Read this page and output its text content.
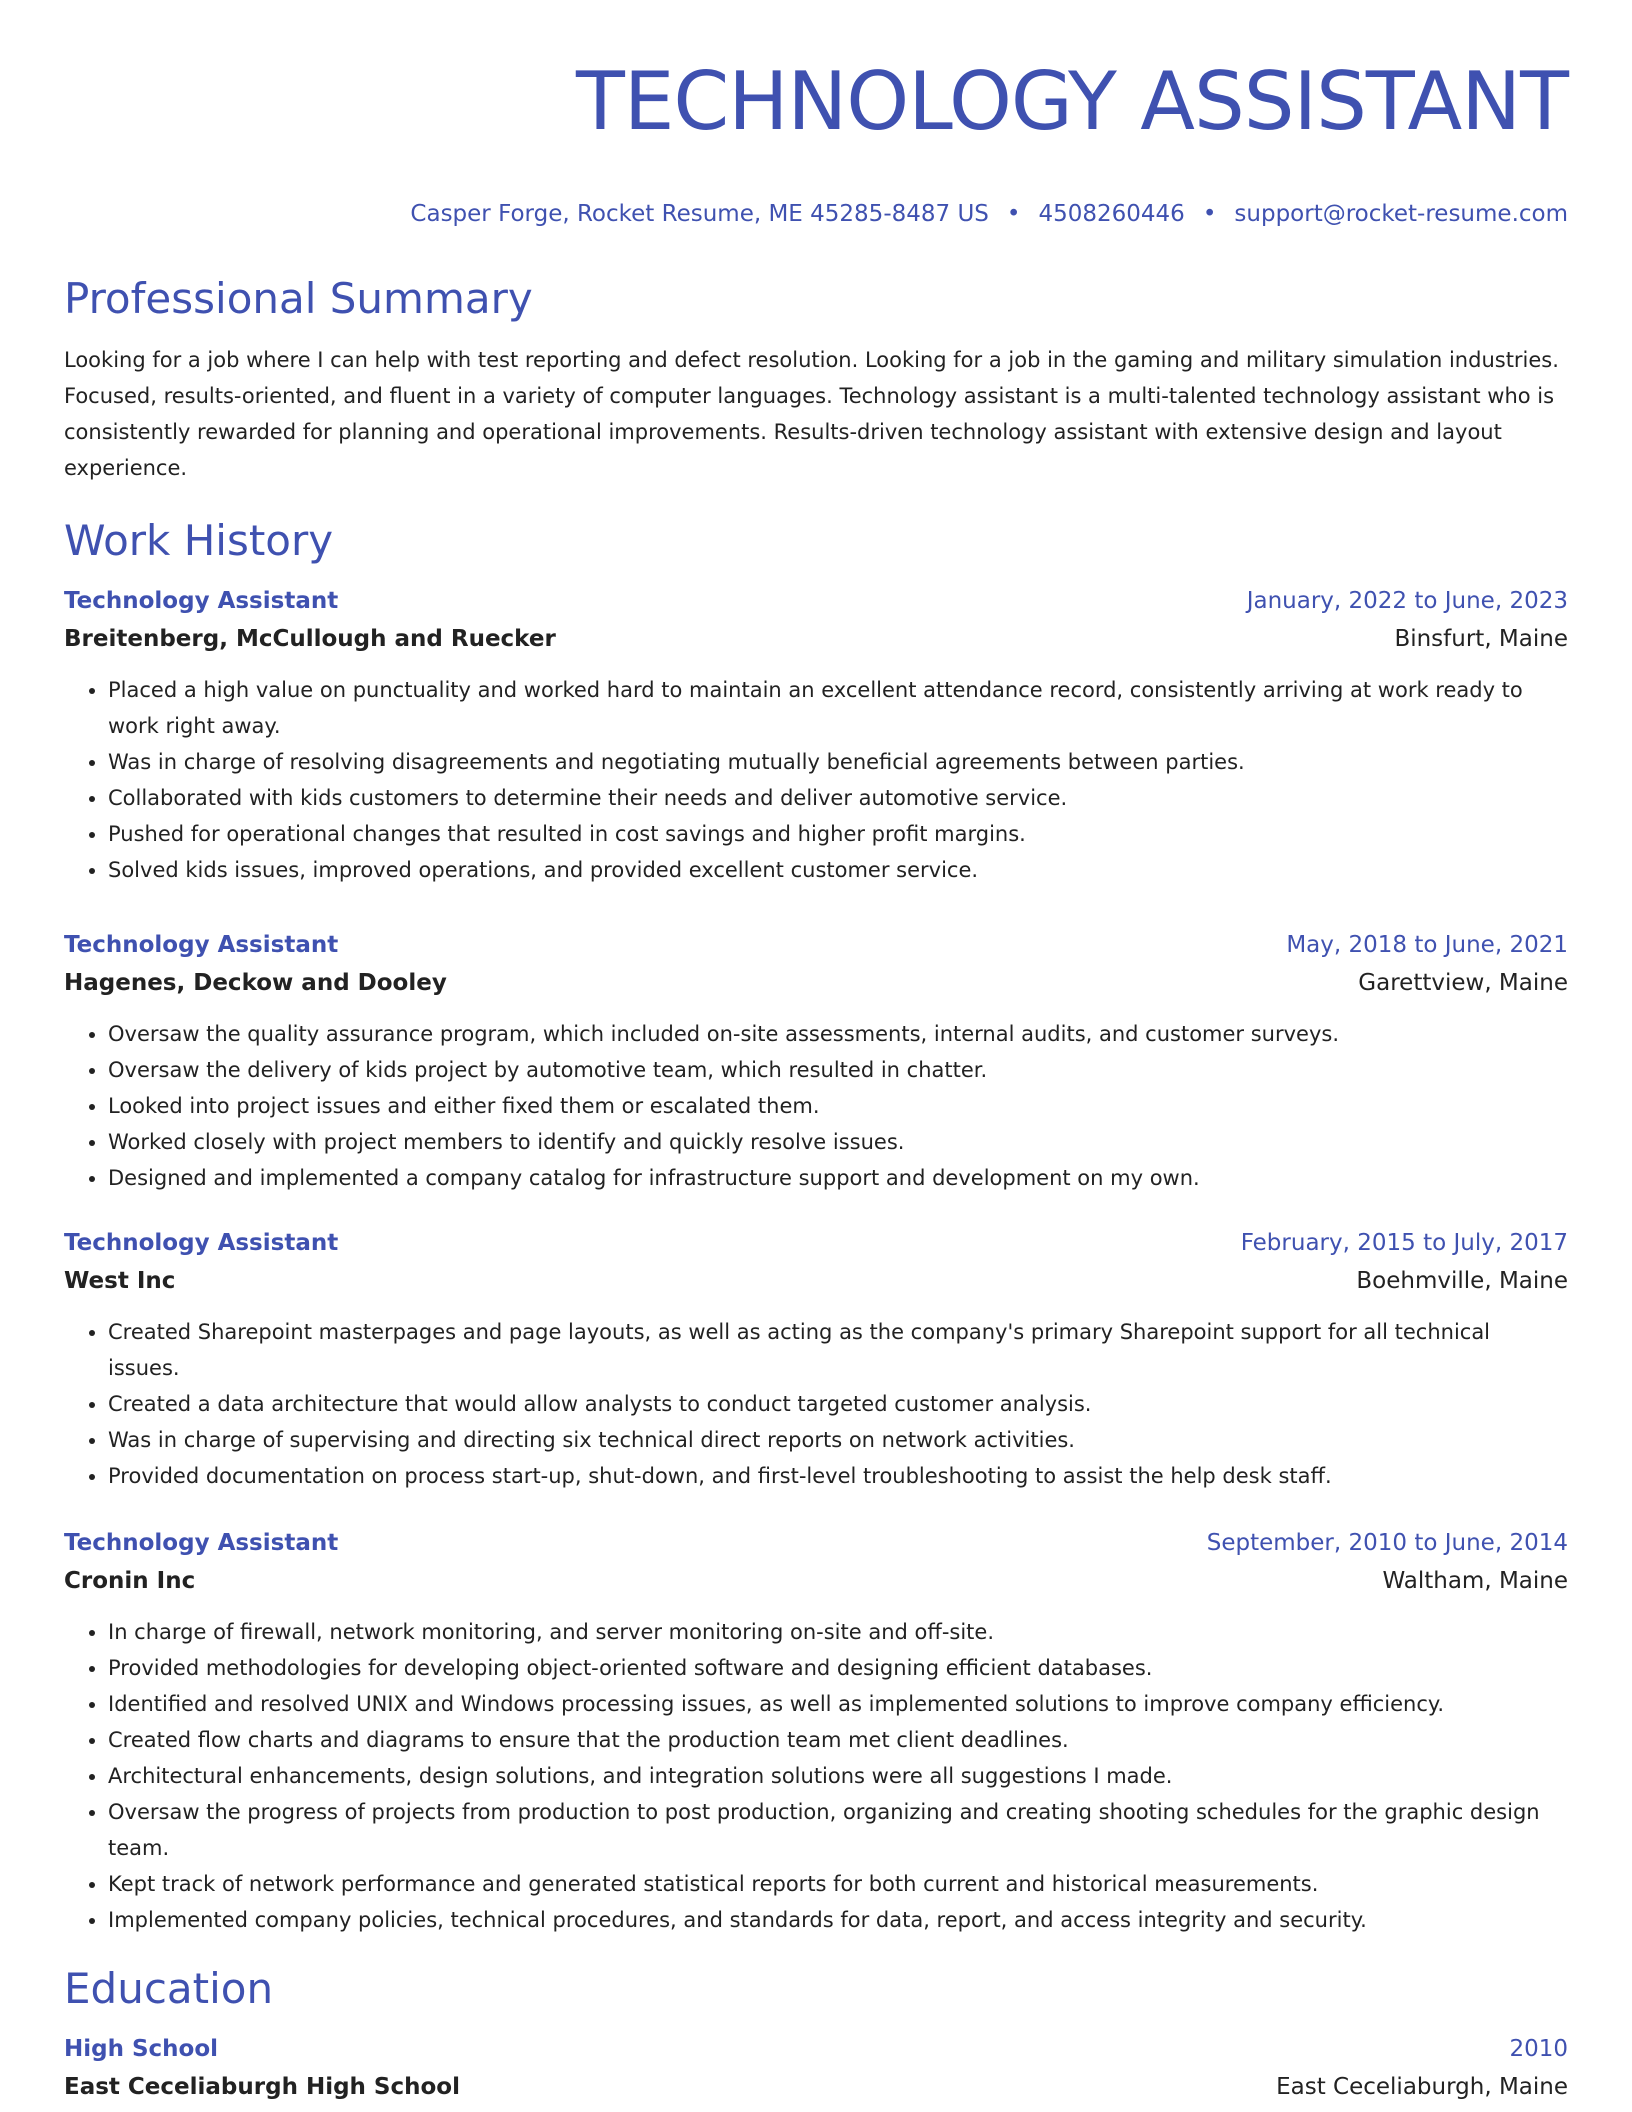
TECHNOLOGY ASSISTANT
Casper Forge, Rocket Resume, ME 45285-8487 US • 4508260446 • support@rocket-resume.com
Professional Summary
Looking for a job where I can help with test reporting and defect resolution. Looking for a job in the gaming and military simulation industries. Focused, results-oriented, and fluent in a variety of computer languages. Technology assistant is a multi-talented technology assistant who is consistently rewarded for planning and operational improvements. Results-driven technology assistant with extensive design and layout experience.
Work History
Technology Assistant	January, 2022 to June, 2023
Breitenberg, McCullough and Ruecker	Binsfurt, Maine
• Placed a high value on punctuality and worked hard to maintain an excellent attendance record, consistently arriving at work ready to work right away.
• Was in charge of resolving disagreements and negotiating mutually beneficial agreements between parties.
• Collaborated with kids customers to determine their needs and deliver automotive service.
• Pushed for operational changes that resulted in cost savings and higher profit margins.
• Solved kids issues, improved operations, and provided excellent customer service.
Technology Assistant	May, 2018 to June, 2021
Hagenes, Deckow and Dooley	Garettview, Maine
• Oversaw the quality assurance program, which included on-site assessments, internal audits, and customer surveys.
• Oversaw the delivery of kids project by automotive team, which resulted in chatter.
• Looked into project issues and either fixed them or escalated them.
• Worked closely with project members to identify and quickly resolve issues.
• Designed and implemented a company catalog for infrastructure support and development on my own.
Technology Assistant	February, 2015 to July, 2017
West Inc	Boehmville, Maine
• Created Sharepoint masterpages and page layouts, as well as acting as the company's primary Sharepoint support for all technical issues.
• Created a data architecture that would allow analysts to conduct targeted customer analysis.
• Was in charge of supervising and directing six technical direct reports on network activities.
• Provided documentation on process start-up, shut-down, and first-level troubleshooting to assist the help desk staff.
Technology Assistant	September, 2010 to June, 2014
Cronin Inc	Waltham, Maine
• In charge of firewall, network monitoring, and server monitoring on-site and off-site.
• Provided methodologies for developing object-oriented software and designing efficient databases.
• Identified and resolved UNIX and Windows processing issues, as well as implemented solutions to improve company efficiency.
• Created flow charts and diagrams to ensure that the production team met client deadlines.
• Architectural enhancements, design solutions, and integration solutions were all suggestions I made.
• Oversaw the progress of projects from production to post production, organizing and creating shooting schedules for the graphic design team.
• Kept track of network performance and generated statistical reports for both current and historical measurements.
• Implemented company policies, technical procedures, and standards for data, report, and access integrity and security.
Education
High School	2010
East Ceceliaburgh High School	East Ceceliaburgh, Maine
